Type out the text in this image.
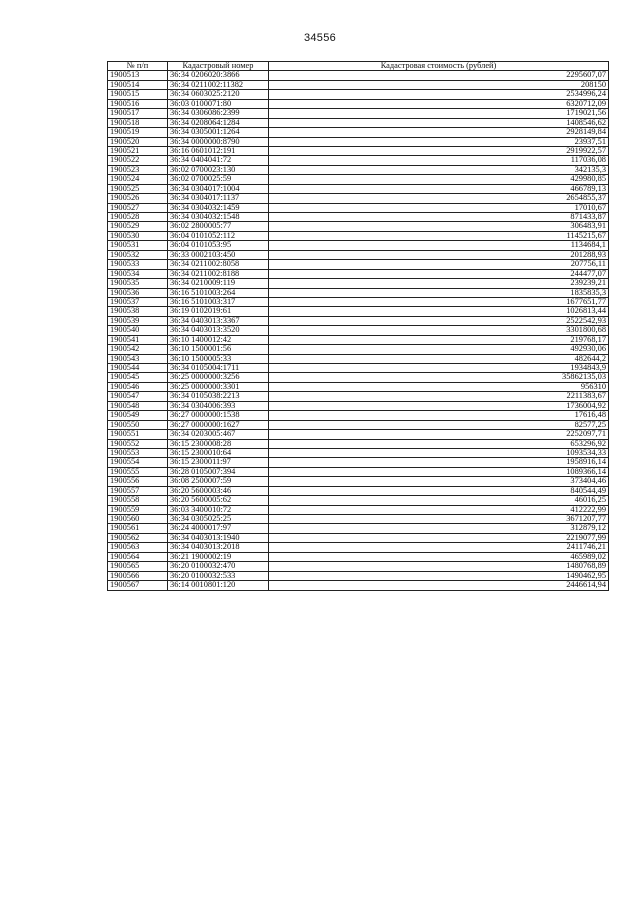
34556
№ п/п	Кадастровый номер	Кадастровая стоимость (рублей)
1900513	36:34 0206020:3866	2295607,07
1900514	36:34 0211002:11382	208150
1900515	36:34 0603025:2120	2534996,24
1900516	36:03 0100071:80	6320712,09
1900517	36:34 0306086:2399	1719021,56
1900518	36:34 0208064:1284	1408546,62
1900519	36:34 0305001:1264	2928149,84
1900520	36:34 0000000:8790	23937,51
1900521	36:16 0601012:191	2919922,57
1900522	36:34 0404041:72	117036,08
1900523	36:02 0700023:130	342135,3
1900524	36:02 0700025:59	429980,85
1900525	36:34 0304017:1004	466789,13
1900526	36:34 0304017:1137	2654855,37
1900527	36:34 0304032:1459	17010,67
1900528	36:34 0304032:1548	871433,87
1900529	36:02 2800005:77	306483,91
1900530	36:04 0101052:112	1145215,67
1900531	36:04 0101053:95	1134684,1
1900532	36:33 0002103:450	201288,93
1900533	36:34 0211002:8058	207756,11
1900534	36:34 0211002:8188	244477,07
1900535	36:34 0210009:119	239239,21
1900536	36:16 5101003:264	1835835,3
1900537	36:16 5101003:317	1677651,77
1900538	36:19 0102019:61	1026813,44
1900539	36:34 0403013:3367	2522542,93
1900540	36:34 0403013:3520	3301800,68
1900541	36:10 1400012:42	219768,17
1900542	36:10 1500001:56	492930,06
1900543	36:10 1500005:33	482644,2
1900544	36:34 0105004:1711	1934843,9
1900545	36:25 0000000:3256	35862135,03
1900546	36:25 0000000:3301	956310
1900547	36:34 0105038:2213	2211383,67
1900548	36:34 0304006:393	1736004,92
1900549	36:27 0000000:1538	17616,48
1900550	36:27 0000000:1627	82577,25
1900551	36:34 0203005:467	2252097,71
1900552	36:15 2300008:28	653296,92
1900553	36:15 2300010:64	1093534,33
1900554	36:15 2300011:97	1958916,14
1900555	36:28 0105007:394	1089366,14
1900556	36:08 2500007:59	373404,46
1900557	36:20 5600003:46	840544,49
1900558	36:20 5600005:62	46016,25
1900559	36:03 3400010:72	412222,99
1900560	36:34 0305025:25	3671207,77
1900561	36:24 4000017:97	312879,12
1900562	36:34 0403013:1940	2219077,99
1900563	36:34 0403013:2018	2411746,21
1900564	36:21 1900002:19	465989,02
1900565	36:20 0100032:470	1480768,89
1900566	36:20 0100032:533	1490462,95
1900567	36:14 0010801:120	2446614,94
